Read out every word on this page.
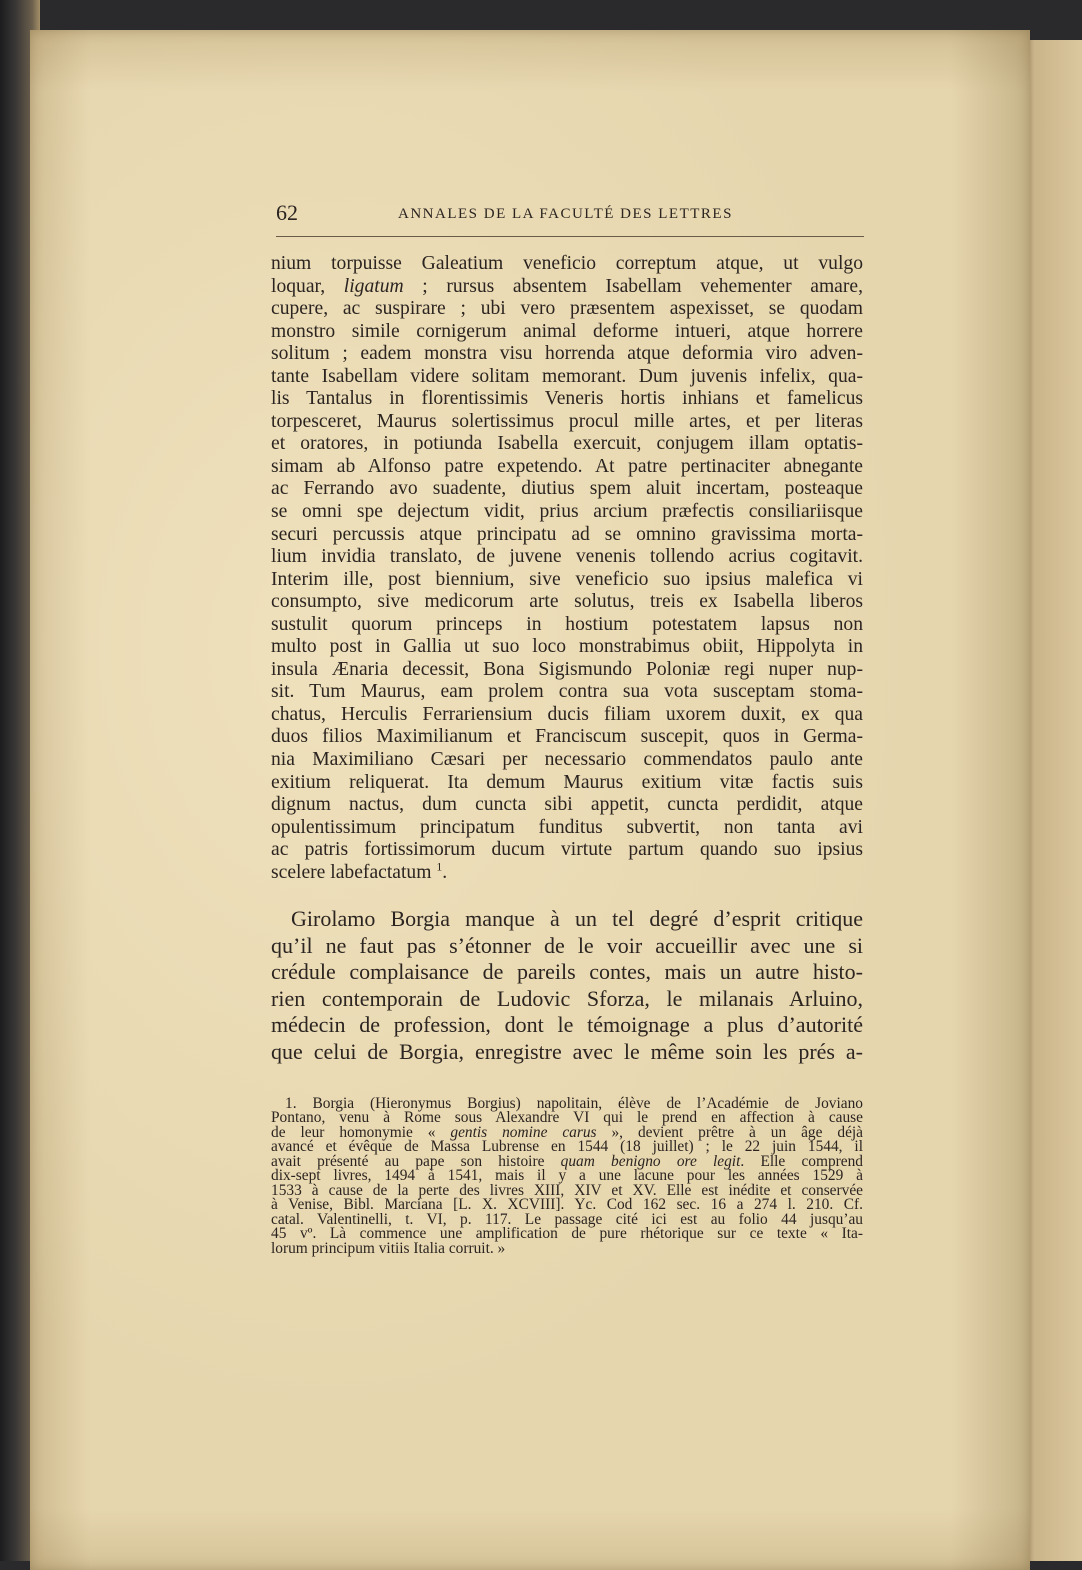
62	ANNALES DE LA FACULTÉ DES LETTRES
nium torpuisse Galeatium veneficio correptum atque, ut vulgo
loquar, ligatum ; rursus absentem Isabellam vehementer amare,
cupere, ac suspirare ; ubi vero præsentem aspexisset, se quodam
monstro simile cornigerum animal deforme intueri, atque horrere
solitum ; eadem monstra visu horrenda atque deformia viro adven-
tante Isabellam videre solitam memorant. Dum juvenis infelix, qua-
lis Tantalus in florentissimis Veneris hortis inhians et famelicus
torpesceret, Maurus solertissimus procul mille artes, et per literas
et oratores, in potiunda Isabella exercuit, conjugem illam optatis-
simam ab Alfonso patre expetendo. At patre pertinaciter abnegante
ac Ferrando avo suadente, diutius spem aluit incertam, posteaque
se omni spe dejectum vidit, prius arcium præfectis consiliariisque
securi percussis atque principatu ad se omnino gravissima morta-
lium invidia translato, de juvene venenis tollendo acrius cogitavit.
Interim ille, post biennium, sive veneficio suo ipsius malefica vi
consumpto, sive medicorum arte solutus, treis ex Isabella liberos
sustulit quorum princeps in hostium potestatem lapsus non
multo post in Gallia ut suo loco monstrabimus obiit, Hippolyta in
insula Ænaria decessit, Bona Sigismundo Poloniæ regi nuper nup-
sit. Tum Maurus, eam prolem contra sua vota susceptam stoma-
chatus, Herculis Ferrariensium ducis filiam uxorem duxit, ex qua
duos filios Maximilianum et Franciscum suscepit, quos in Germa-
nia Maximiliano Cæsari per necessario commendatos paulo ante
exitium reliquerat. Ita demum Maurus exitium vitæ factis suis
dignum nactus, dum cuncta sibi appetit, cuncta perdidit, atque
opulentissimum principatum funditus subvertit, non tanta avi
ac patris fortissimorum ducum virtute partum quando suo ipsius
scelere labefactatum $^1$.
Girolamo Borgia manque à un tel degré d’esprit critique
qu’il ne faut pas s’étonner de le voir accueillir avec une si
crédule complaisance de pareils contes, mais un autre histo-
rien contemporain de Ludovic Sforza, le milanais Arluino,
médecin de profession, dont le témoignage a plus d’autorité
que celui de Borgia, enregistre avec le même soin les prés a-
1. Borgia (Hieronymus Borgius) napolitain, élève de l’Académie de Joviano
Pontano, venu à Rome sous Alexandre VI qui le prend en affection à cause
de leur homonymie « gentis nomine carus », devient prêtre à un âge déjà
avancé et évêque de Massa Lubrense en 1544 (18 juillet) ; le 22 juin 1544, il
avait présenté au pape son histoire quam benigno ore legit. Elle comprend
dix-sept livres, 1494 à 1541, mais il y a une lacune pour les années 1529 à
1533 à cause de la perte des livres XIII, XIV et XV. Elle est inédite et conservée
à Venise, Bibl. Marciana [L. X. XCVIII]. Yc. Cod 162 sec. 16 a 274 l. 210. Cf.
catal. Valentinelli, t. VI, p. 117. Le passage cité ici est au folio 44 jusqu’au
45 vº. Là commence une amplification de pure rhétorique sur ce texte « Ita-
lorum principum vitiis Italia corruit. »
